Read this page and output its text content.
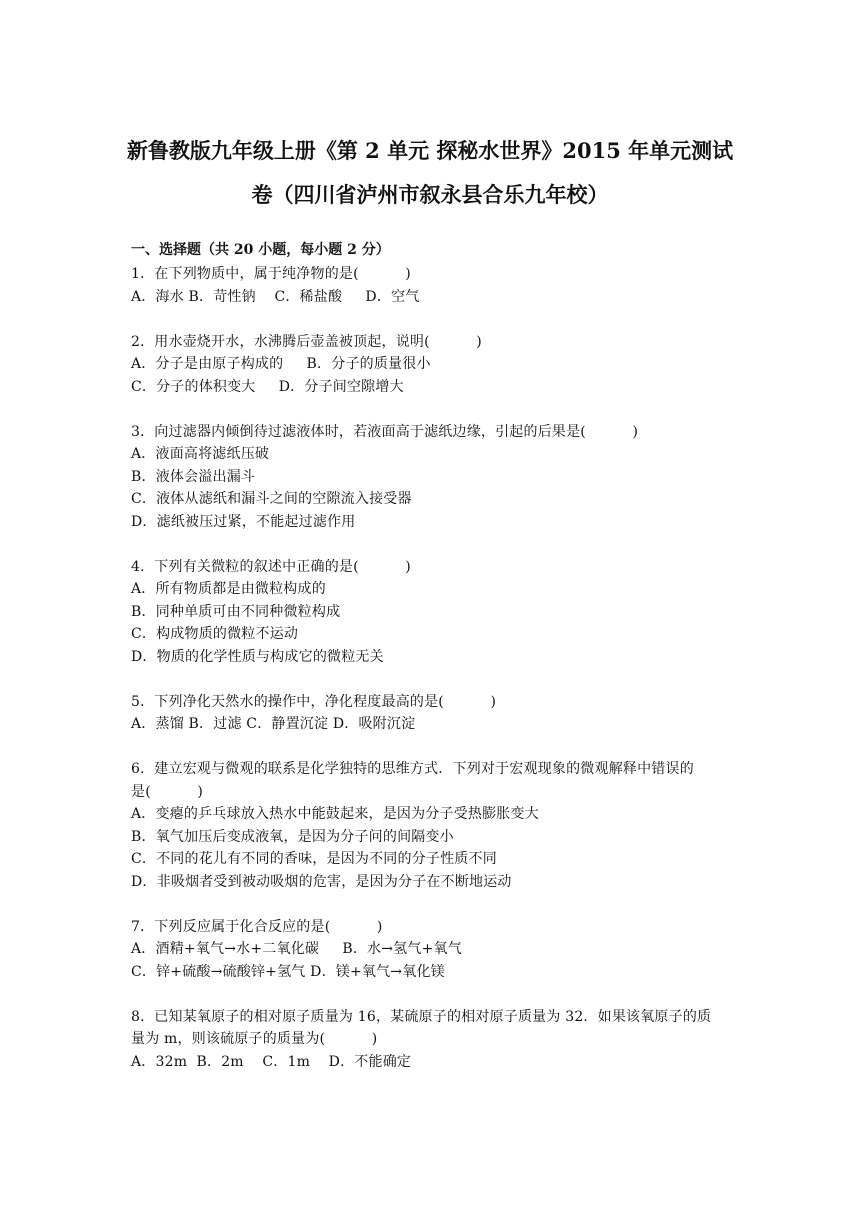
新鲁教版九年级上册《第 2 单元 探秘水世界》2015 年单元测试
卷（四川省泸州市叙永县合乐九年校）
一、选择题（共 20 小题，每小题 2 分）
1．在下列物质中，属于纯净物的是(          )
A．海水 B．苛性钠    C．稀盐酸     D．空气
2．用水壶烧开水，水沸腾后壶盖被顶起，说明(          )
A．分子是由原子构成的     B．分子的质量很小
C．分子的体积变大     D．分子间空隙增大
3．向过滤器内倾倒待过滤液体时，若液面高于滤纸边缘，引起的后果是(          )
A．液面高将滤纸压破
B．液体会溢出漏斗
C．液体从滤纸和漏斗之间的空隙流入接受器
D．滤纸被压过紧，不能起过滤作用
4．下列有关微粒的叙述中正确的是(          )
A．所有物质都是由微粒构成的
B．同种单质可由不同种微粒构成
C．构成物质的微粒不运动
D．物质的化学性质与构成它的微粒无关
5．下列净化天然水的操作中，净化程度最高的是(          )
A．蒸馏 B．过滤 C．静置沉淀 D．吸附沉淀
6．建立宏观与微观的联系是化学独特的思维方式．下列对于宏观现象的微观解释中错误的
是(          )
A．变瘪的乒乓球放入热水中能鼓起来，是因为分子受热膨胀变大
B．氧气加压后变成液氧，是因为分子问的间隔变小
C．不同的花儿有不同的香味，是因为不同的分子性质不同
D．非吸烟者受到被动吸烟的危害，是因为分子在不断地运动
7．下列反应属于化合反应的是(          )
A．酒精+氧气→水+二氧化碳     B．水→氢气+氧气
C．锌+硫酸→硫酸锌+氢气 D．镁+氧气→氧化镁
8．已知某氧原子的相对原子质量为 16，某硫原子的相对原子质量为 32．如果该氧原子的质
量为 m，则该硫原子的质量为(          )
A．32m  B．2m    C．1m    D．不能确定
